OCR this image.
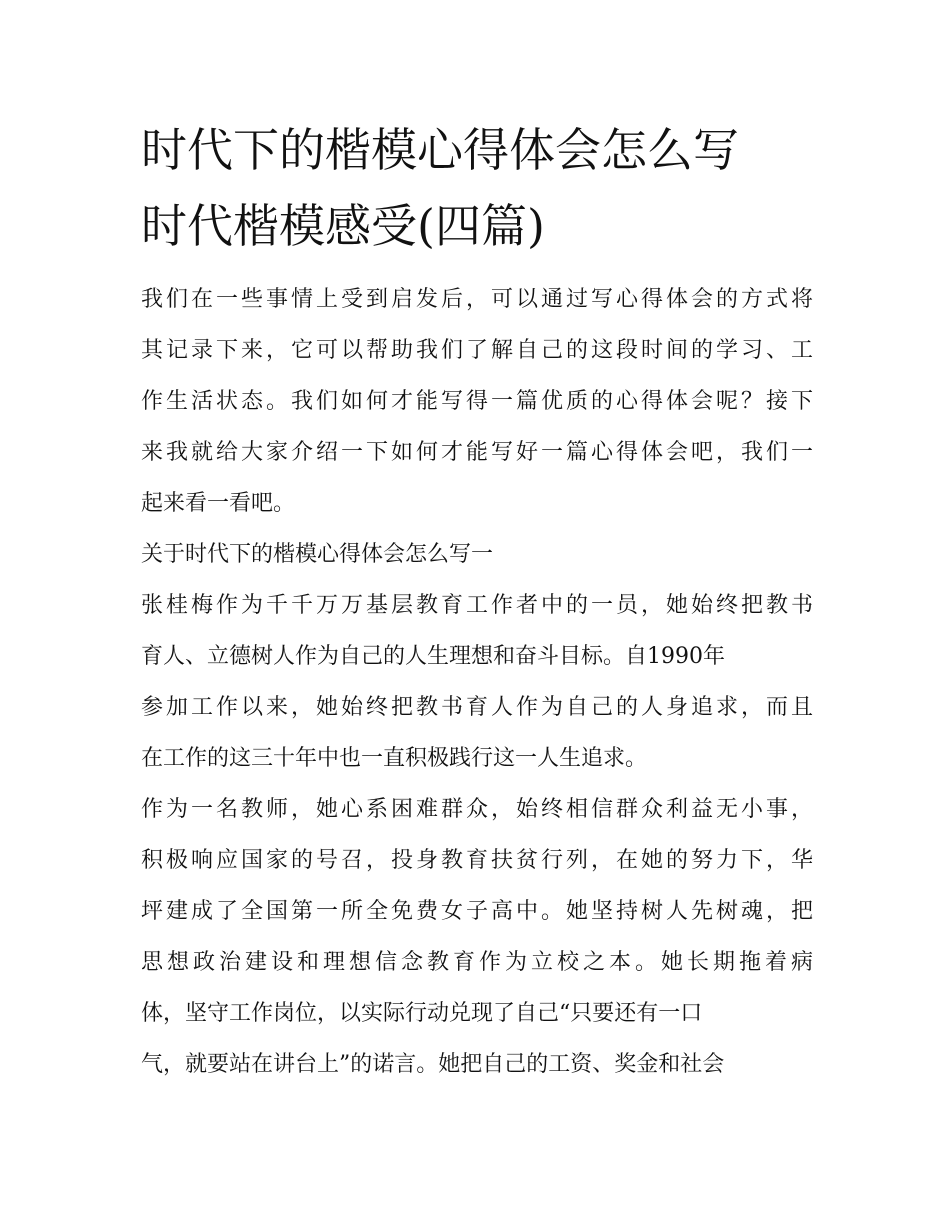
时代下的楷模心得体会怎么写
时代楷模感受(四篇)
我们在一些事情上受到启发后，可以通过写心得体会的方式将
其记录下来，它可以帮助我们了解自己的这段时间的学习、工
作生活状态。我们如何才能写得一篇优质的心得体会呢？接下
来我就给大家介绍一下如何才能写好一篇心得体会吧，我们一
起来看一看吧。
关于时代下的楷模心得体会怎么写一
张桂梅作为千千万万基层教育工作者中的一员，她始终把教书
育人、立德树人作为自己的人生理想和奋斗目标。自1990年
参加工作以来，她始终把教书育人作为自己的人身追求，而且
在工作的这三十年中也一直积极践行这一人生追求。
作为一名教师，她心系困难群众，始终相信群众利益无小事，
积极响应国家的号召，投身教育扶贫行列，在她的努力下，华
坪建成了全国第一所全免费女子高中。她坚持树人先树魂，把
思想政治建设和理想信念教育作为立校之本。她长期拖着病
体，坚守工作岗位，以实际行动兑现了自己“只要还有一口
气，就要站在讲台上”的诺言。她把自己的工资、奖金和社会
